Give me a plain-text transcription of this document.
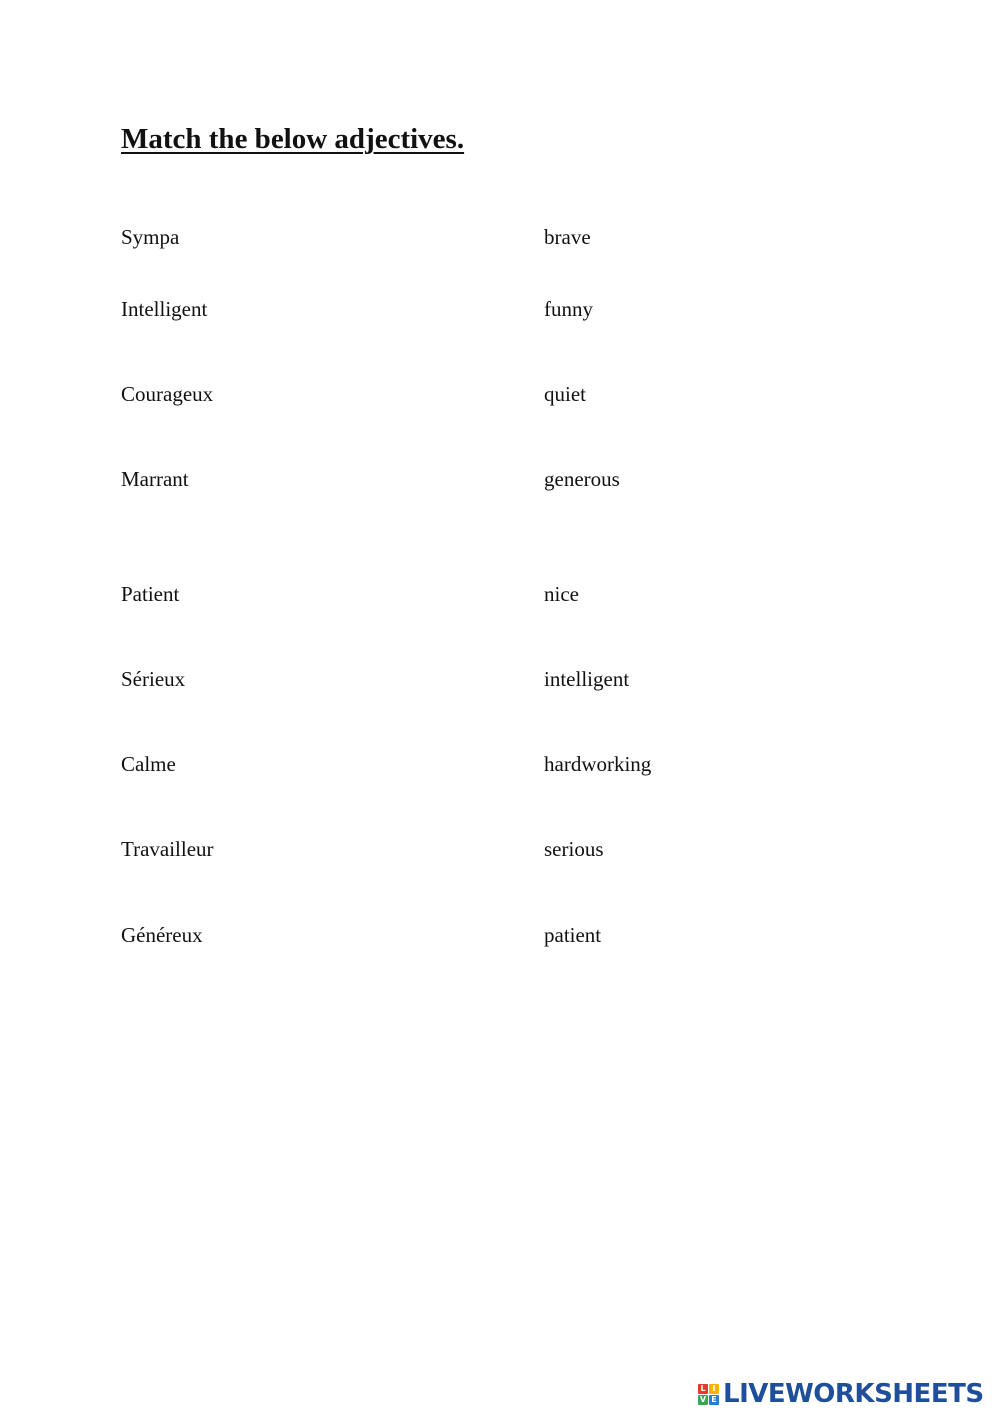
Match the below adjectives.
Sympa	brave
Intelligent	funny
Courageux	quiet
Marrant	generous
Patient	nice
Sérieux	intelligent
Calme	hardworking
Travailleur	serious
Généreux	patient
L I
V E LIVEWORKSHEETS
